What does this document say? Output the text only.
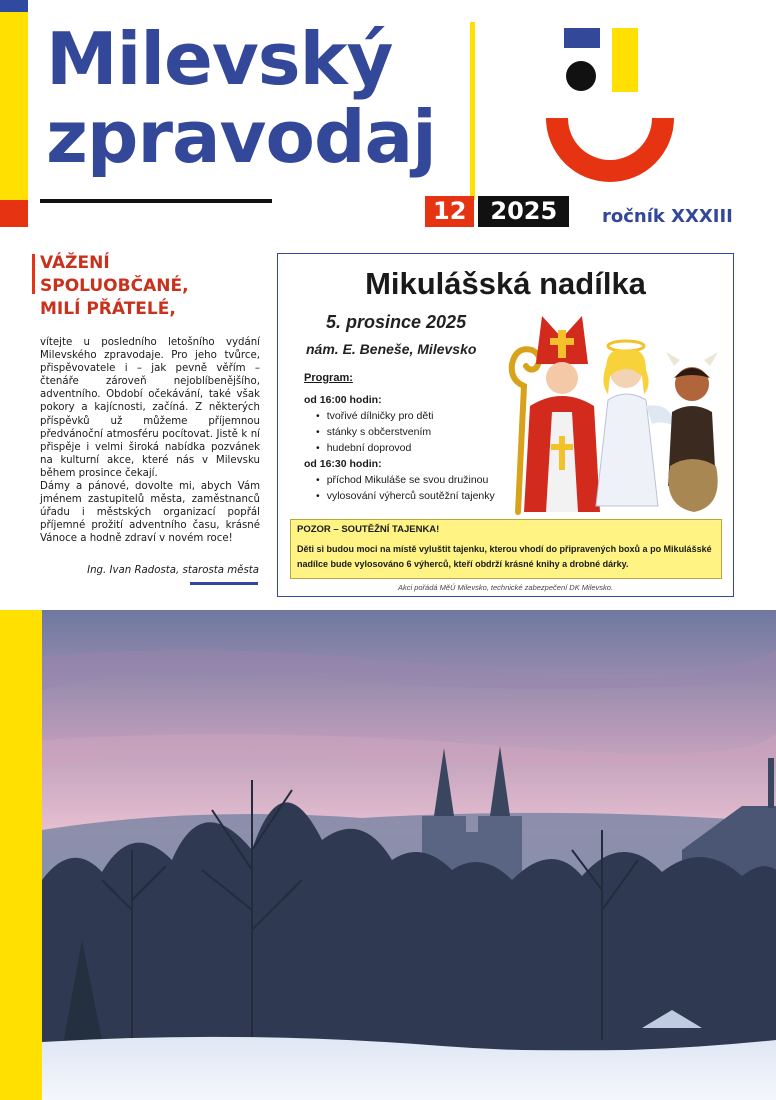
Milevský
zpravodaj
12	2025	ročník XXXIII
VÁŽENÍ
SPOLUOBČANÉ,
MILÍ PŘÁTELÉ,

vítejte u posledního letošního vydání Milevského zpravodaje. Pro jeho tvůrce, přispěvovatele i – jak pevně věřím – čtenáře zároveň nejoblíbenějšího, adventního. Období očekávání, také však pokory a kajícnosti, začíná. Z některých příspěvků už můžeme příjemnou předvánoční atmosféru pocítovat. Jistě k ní přispěje i velmi široká nabídka pozvánek na kulturní akce, které nás v Milevsku během prosince čekají.

Dámy a pánové, dovolte mi, abych Vám jménem zastupitelů města, zaměstnanců úřadu i městských organizací popřál příjemné prožití adventního času, krásné Vánoce a hodně zdraví v novém roce!

Ing. Ivan Radosta, starosta města
Mikulášská nadílka
5. prosince 2025
nám. E. Beneše, Milevsko
Program:
od 16:00 hodin:
• tvořivé dílničky pro děti
• stánky s občerstvením
• hudební doprovod
od 16:30 hodin:
• příchod Mikuláše se svou družinou
• vylosování výherců soutěžní tajenky
POZOR – SOUTĚŽNÍ TAJENKA!
Děti si budou moci na místě vyluštit tajenku, kterou vhodí do připravených boxů a po Mikulášské nadílce bude vylosováno 6 výherců, kteří obdrží krásné knihy a drobné dárky.
Akci pořádá MěÚ Milevsko, technické zabezpečení DK Milevsko.
